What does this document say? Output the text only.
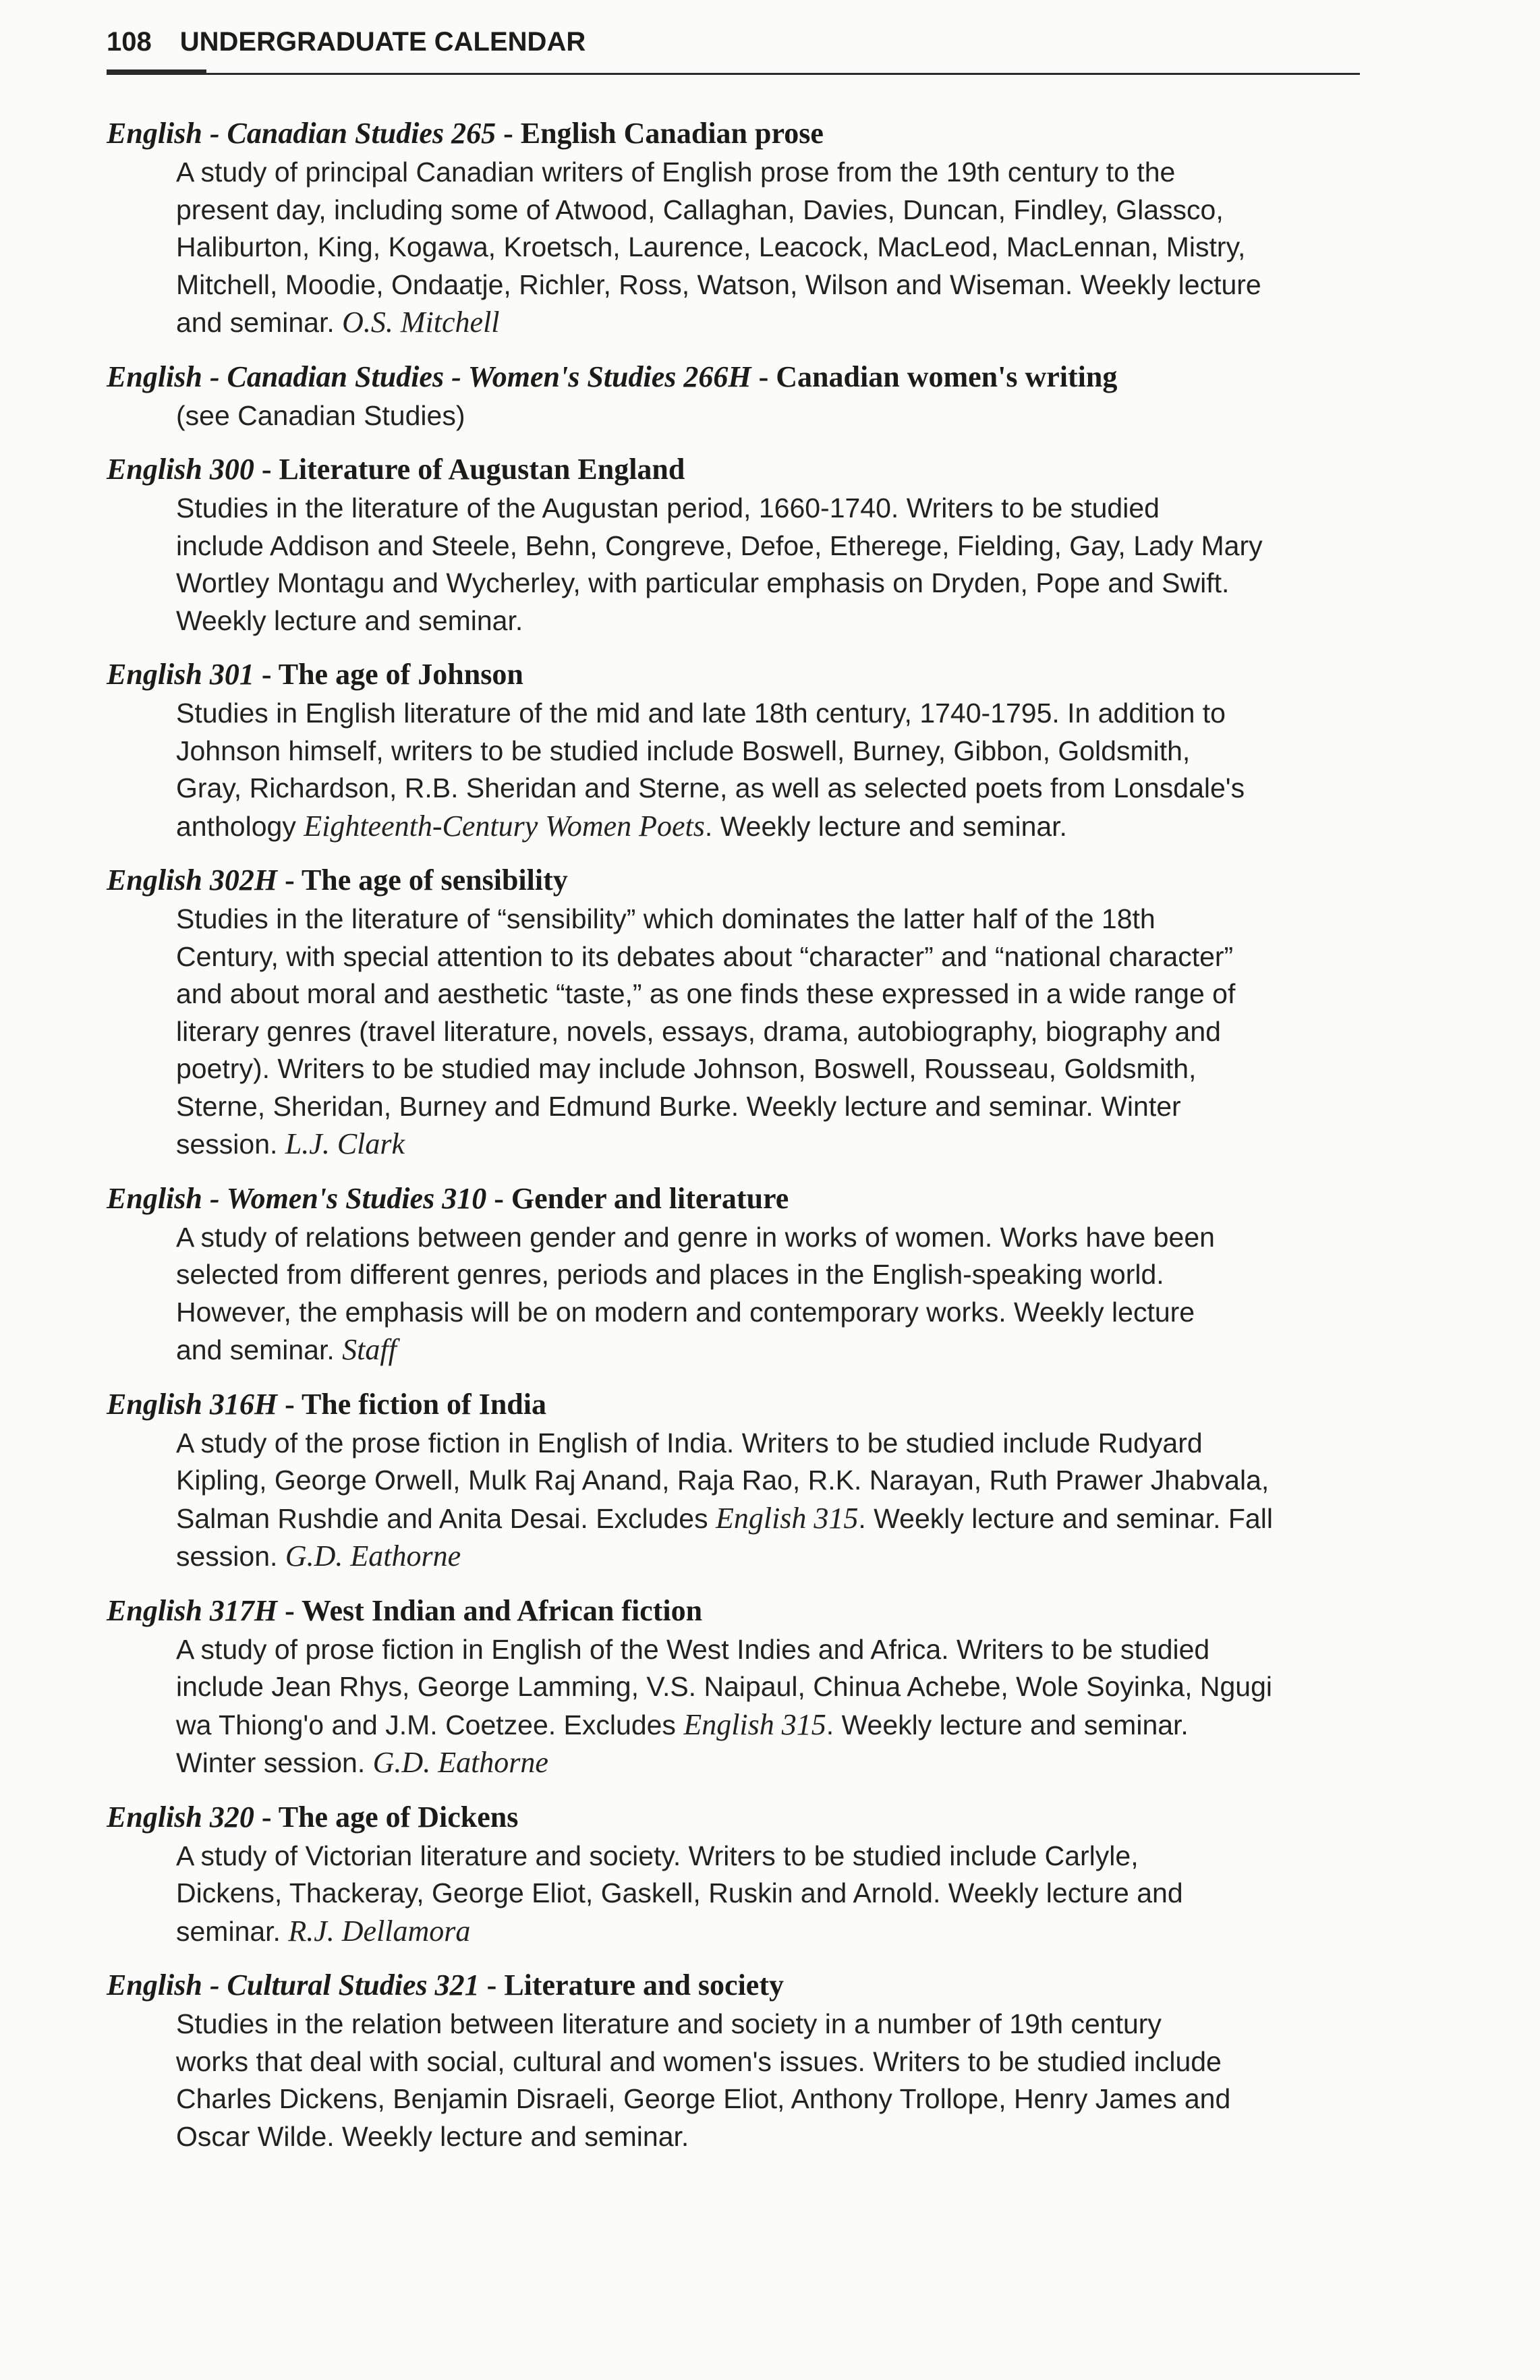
108 UNDERGRADUATE CALENDAR
English - Canadian Studies 265 - English Canadian prose
A study of principal Canadian writers of English prose from the 19th century to the
present day, including some of Atwood, Callaghan, Davies, Duncan, Findley, Glassco,
Haliburton, King, Kogawa, Kroetsch, Laurence, Leacock, MacLeod, MacLennan, Mistry,
Mitchell, Moodie, Ondaatje, Richler, Ross, Watson, Wilson and Wiseman. Weekly lecture
and seminar. O.S. Mitchell
English - Canadian Studies - Women's Studies 266H - Canadian women's writing
(see Canadian Studies)
English 300 - Literature of Augustan England
Studies in the literature of the Augustan period, 1660-1740. Writers to be studied
include Addison and Steele, Behn, Congreve, Defoe, Etherege, Fielding, Gay, Lady Mary
Wortley Montagu and Wycherley, with particular emphasis on Dryden, Pope and Swift.
Weekly lecture and seminar.
English 301 - The age of Johnson
Studies in English literature of the mid and late 18th century, 1740-1795. In addition to
Johnson himself, writers to be studied include Boswell, Burney, Gibbon, Goldsmith,
Gray, Richardson, R.B. Sheridan and Sterne, as well as selected poets from Lonsdale's
anthology Eighteenth-Century Women Poets. Weekly lecture and seminar.
English 302H - The age of sensibility
Studies in the literature of “sensibility” which dominates the latter half of the 18th
Century, with special attention to its debates about “character” and “national character”
and about moral and aesthetic “taste,” as one finds these expressed in a wide range of
literary genres (travel literature, novels, essays, drama, autobiography, biography and
poetry). Writers to be studied may include Johnson, Boswell, Rousseau, Goldsmith,
Sterne, Sheridan, Burney and Edmund Burke. Weekly lecture and seminar. Winter
session. L.J. Clark
English - Women's Studies 310 - Gender and literature
A study of relations between gender and genre in works of women. Works have been
selected from different genres, periods and places in the English-speaking world.
However, the emphasis will be on modern and contemporary works. Weekly lecture
and seminar. Staff
English 316H - The fiction of India
A study of the prose fiction in English of India. Writers to be studied include Rudyard
Kipling, George Orwell, Mulk Raj Anand, Raja Rao, R.K. Narayan, Ruth Prawer Jhabvala,
Salman Rushdie and Anita Desai. Excludes English 315. Weekly lecture and seminar. Fall
session. G.D. Eathorne
English 317H - West Indian and African fiction
A study of prose fiction in English of the West Indies and Africa. Writers to be studied
include Jean Rhys, George Lamming, V.S. Naipaul, Chinua Achebe, Wole Soyinka, Ngugi
wa Thiong'o and J.M. Coetzee. Excludes English 315. Weekly lecture and seminar.
Winter session. G.D. Eathorne
English 320 - The age of Dickens
A study of Victorian literature and society. Writers to be studied include Carlyle,
Dickens, Thackeray, George Eliot, Gaskell, Ruskin and Arnold. Weekly lecture and
seminar. R.J. Dellamora
English - Cultural Studies 321 - Literature and society
Studies in the relation between literature and society in a number of 19th century
works that deal with social, cultural and women's issues. Writers to be studied include
Charles Dickens, Benjamin Disraeli, George Eliot, Anthony Trollope, Henry James and
Oscar Wilde. Weekly lecture and seminar.
